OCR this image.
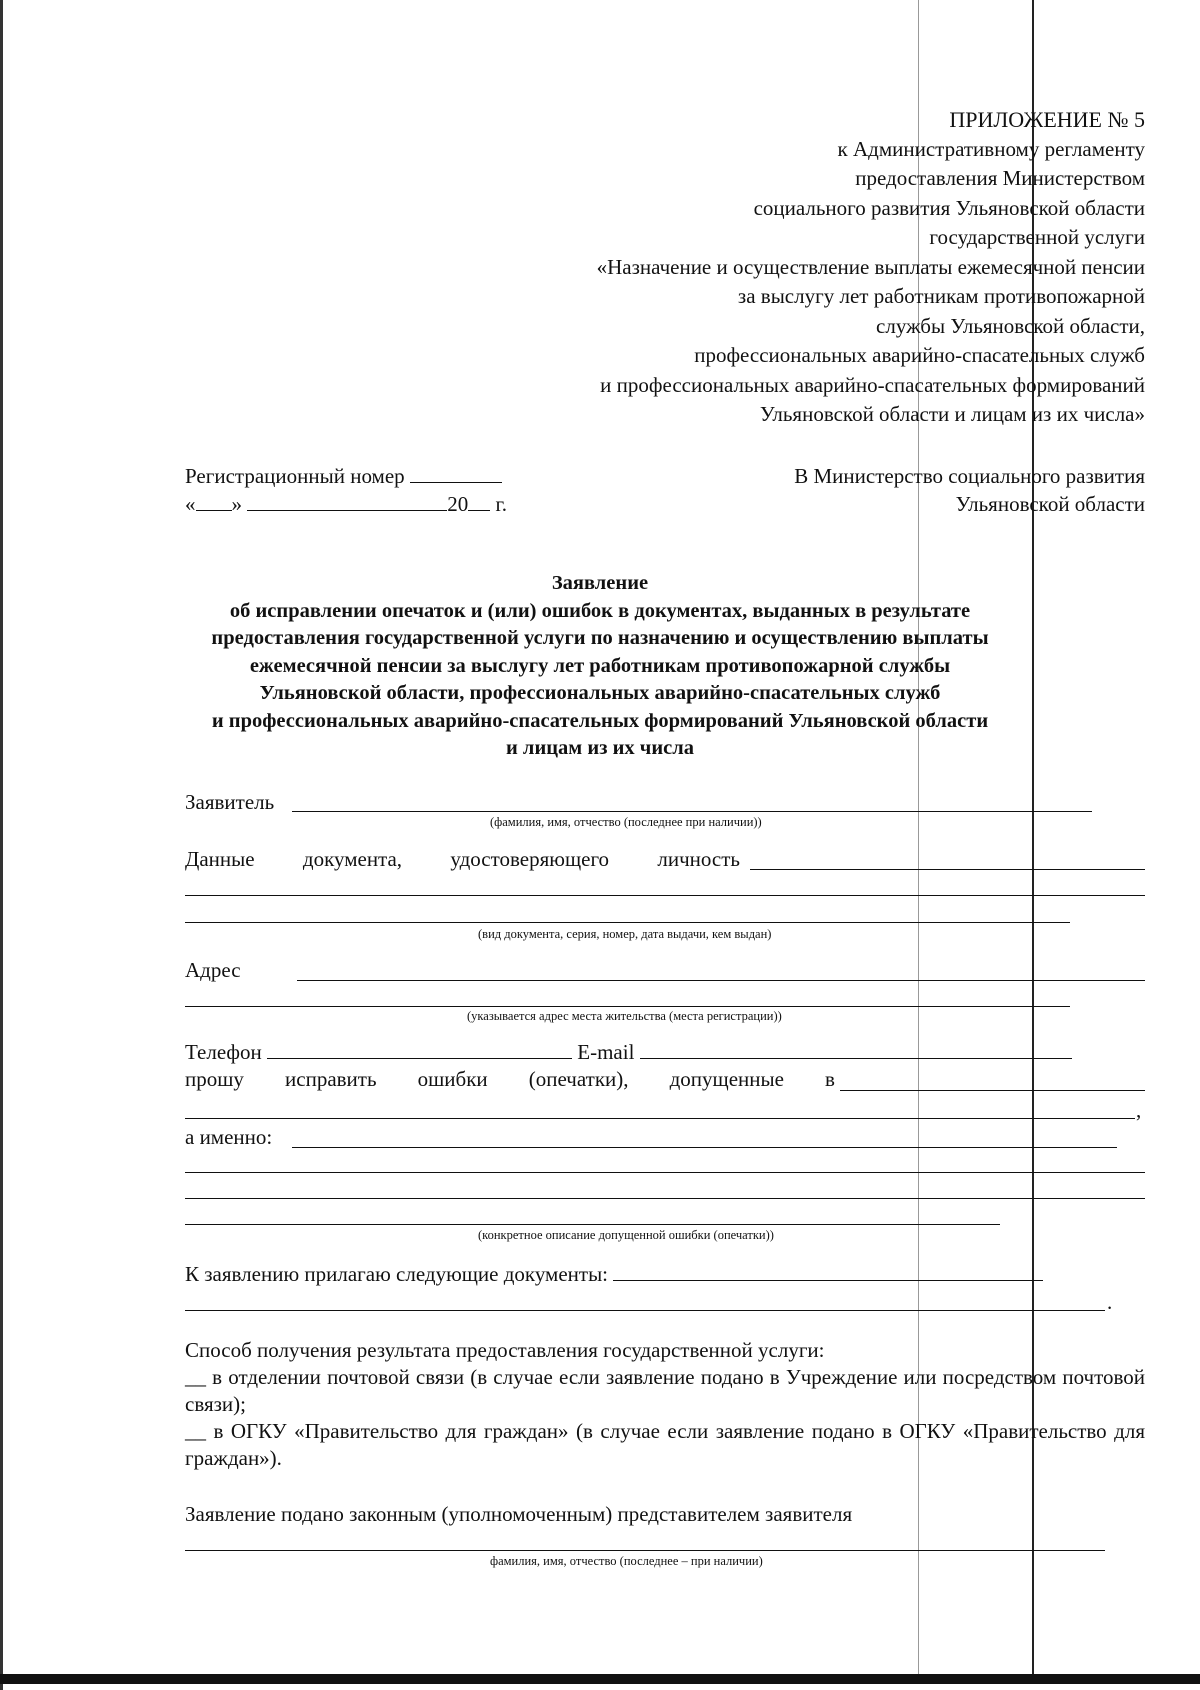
ПРИЛОЖЕНИЕ № 5
к Административному регламенту
предоставления Министерством
социального развития Ульяновской области
государственной услуги
«Назначение и осуществление выплаты ежемесячной пенсии
за выслугу лет работникам противопожарной
службы Ульяновской области,
профессиональных аварийно-спасательных служб
и профессиональных аварийно-спасательных формирований
Ульяновской области и лицам из их числа»
Регистрационный номер
« »	20 г.
В Министерство социального развития
Ульяновской области
Заявление
об исправлении опечаток и (или) ошибок в документах, выданных в результате
предоставления государственной услуги по назначению и осуществлению выплаты
ежемесячной пенсии за выслугу лет работникам противопожарной службы
Ульяновской области, профессиональных аварийно-спасательных служб
и профессиональных аварийно-спасательных формирований Ульяновской области
и лицам из их числа
Заявитель
(фамилия, имя, отчество (последнее при наличии))
Данные документа, удостоверяющего личность
(вид документа, серия, номер, дата выдачи, кем выдан)
Адрес
(указывается адрес места жительства (места регистрации))
Телефон	E-mail
прошу исправить ошибки (опечатки), допущенные в
,
а именно:
(конкретное описание допущенной ошибки (опечатки))
К заявлению прилагаю следующие документы:
.
Способ получения результата предоставления государственной услуги:
__ в отделении почтовой связи (в случае если заявление подано в Учреждение или посредством почтовой связи);
__ в ОГКУ «Правительство для граждан» (в случае если заявление подано в ОГКУ «Правительство для граждан»).
Заявление подано законным (уполномоченным) представителем заявителя
фамилия, имя, отчество (последнее – при наличии)
